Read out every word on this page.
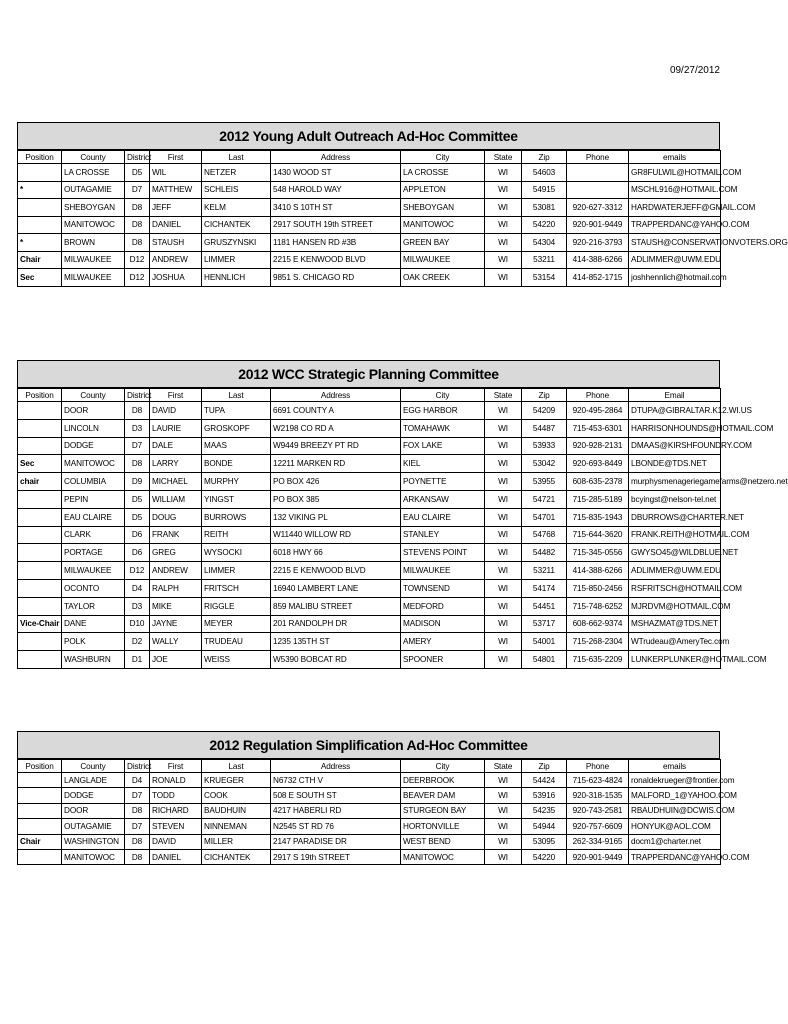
09/27/2012
2012 Young Adult Outreach Ad-Hoc Committee
Position	County	District	First	Last	Address	City	State	Zip	Phone	emails
	LA CROSSE	D5	WIL	NETZER	1430 WOOD ST	LA CROSSE	WI	54603		GR8FULWIL@HOTMAIL.COM
*	OUTAGAMIE	D7	MATTHEW	SCHLEIS	548 HAROLD WAY	APPLETON	WI	54915		MSCHL916@HOTMAIL.COM
	SHEBOYGAN	D8	JEFF	KELM	3410 S 10TH ST	SHEBOYGAN	WI	53081	920-627-3312	HARDWATERJEFF@GMAIL.COM
	MANITOWOC	D8	DANIEL	CICHANTEK	2917 SOUTH 19th STREET	MANITOWOC	WI	54220	920-901-9449	TRAPPERDANC@YAHOO.COM
*	BROWN	D8	STAUSH	GRUSZYNSKI	1181 HANSEN RD #3B	GREEN BAY	WI	54304	920-216-3793	STAUSH@CONSERVATIONVOTERS.ORG
Chair	MILWAUKEE	D12	ANDREW	LIMMER	2215 E KENWOOD BLVD	MILWAUKEE	WI	53211	414-388-6266	ADLIMMER@UWM.EDU
Sec	MILWAUKEE	D12	JOSHUA	HENNLICH	9851 S. CHICAGO RD	OAK CREEK	WI	53154	414-852-1715	joshhennlich@hotmail.com
2012 WCC Strategic Planning Committee
Position	County	District	First	Last	Address	City	State	Zip	Phone	Email
	DOOR	D8	DAVID	TUPA	6691 COUNTY A	EGG HARBOR	WI	54209	920-495-2864	DTUPA@GIBRALTAR.K12.WI.US
	LINCOLN	D3	LAURIE	GROSKOPF	W2198 CO RD A	TOMAHAWK	WI	54487	715-453-6301	HARRISONHOUNDS@HOTMAIL.COM
	DODGE	D7	DALE	MAAS	W9449 BREEZY PT RD	FOX LAKE	WI	53933	920-928-2131	DMAAS@KIRSHFOUNDRY.COM
Sec	MANITOWOC	D8	LARRY	BONDE	12211 MARKEN RD	KIEL	WI	53042	920-693-8449	LBONDE@TDS.NET
chair	COLUMBIA	D9	MICHAEL	MURPHY	PO BOX 426	POYNETTE	WI	53955	608-635-2378	murphysmenageriegamefarms@netzero.net
	PEPIN	D5	WILLIAM	YINGST	PO BOX 385	ARKANSAW	WI	54721	715-285-5189	bcyingst@nelson-tel.net
	EAU CLAIRE	D5	DOUG	BURROWS	132 VIKING PL	EAU CLAIRE	WI	54701	715-835-1943	DBURROWS@CHARTER.NET
	CLARK	D6	FRANK	REITH	W11440 WILLOW RD	STANLEY	WI	54768	715-644-3620	FRANK.REITH@HOTMAIL.COM
	PORTAGE	D6	GREG	WYSOCKI	6018 HWY 66	STEVENS POINT	WI	54482	715-345-0556	GWYSO45@WILDBLUE.NET
	MILWAUKEE	D12	ANDREW	LIMMER	2215 E KENWOOD BLVD	MILWAUKEE	WI	53211	414-388-6266	ADLIMMER@UWM.EDU
	OCONTO	D4	RALPH	FRITSCH	16940 LAMBERT LANE	TOWNSEND	WI	54174	715-850-2456	RSFRITSCH@HOTMAIL.COM
	TAYLOR	D3	MIKE	RIGGLE	859 MALIBU STREET	MEDFORD	WI	54451	715-748-6252	MJRDVM@HOTMAIL.COM
Vice-Chair	DANE	D10	JAYNE	MEYER	201 RANDOLPH DR	MADISON	WI	53717	608-662-9374	MSHAZMAT@TDS.NET
	POLK	D2	WALLY	TRUDEAU	1235 135TH ST	AMERY	WI	54001	715-268-2304	WTrudeau@AmeryTec.com
	WASHBURN	D1	JOE	WEISS	W5390 BOBCAT RD	SPOONER	WI	54801	715-635-2209	LUNKERPLUNKER@HOTMAIL.COM
2012 Regulation Simplification Ad-Hoc Committee
Position	County	District	First	Last	Address	City	State	Zip	Phone	emails
	LANGLADE	D4	RONALD	KRUEGER	N6732 CTH V	DEERBROOK	WI	54424	715-623-4824	ronaldekrueger@frontier.com
	DODGE	D7	TODD	COOK	508 E SOUTH ST	BEAVER DAM	WI	53916	920-318-1535	MALFORD_1@YAHOO.COM
	DOOR	D8	RICHARD	BAUDHUIN	4217 HABERLI RD	STURGEON BAY	WI	54235	920-743-2581	RBAUDHUIN@DCWIS.COM
	OUTAGAMIE	D7	STEVEN	NINNEMAN	N2545 ST RD 76	HORTONVILLE	WI	54944	920-757-6609	HONYUK@AOL.COM
Chair	WASHINGTON	D8	DAVID	MILLER	2147 PARADISE DR	WEST BEND	WI	53095	262-334-9165	docm1@charter.net
	MANITOWOC	D8	DANIEL	CICHANTEK	2917 S 19th STREET	MANITOWOC	WI	54220	920-901-9449	TRAPPERDANC@YAHOO.COM
